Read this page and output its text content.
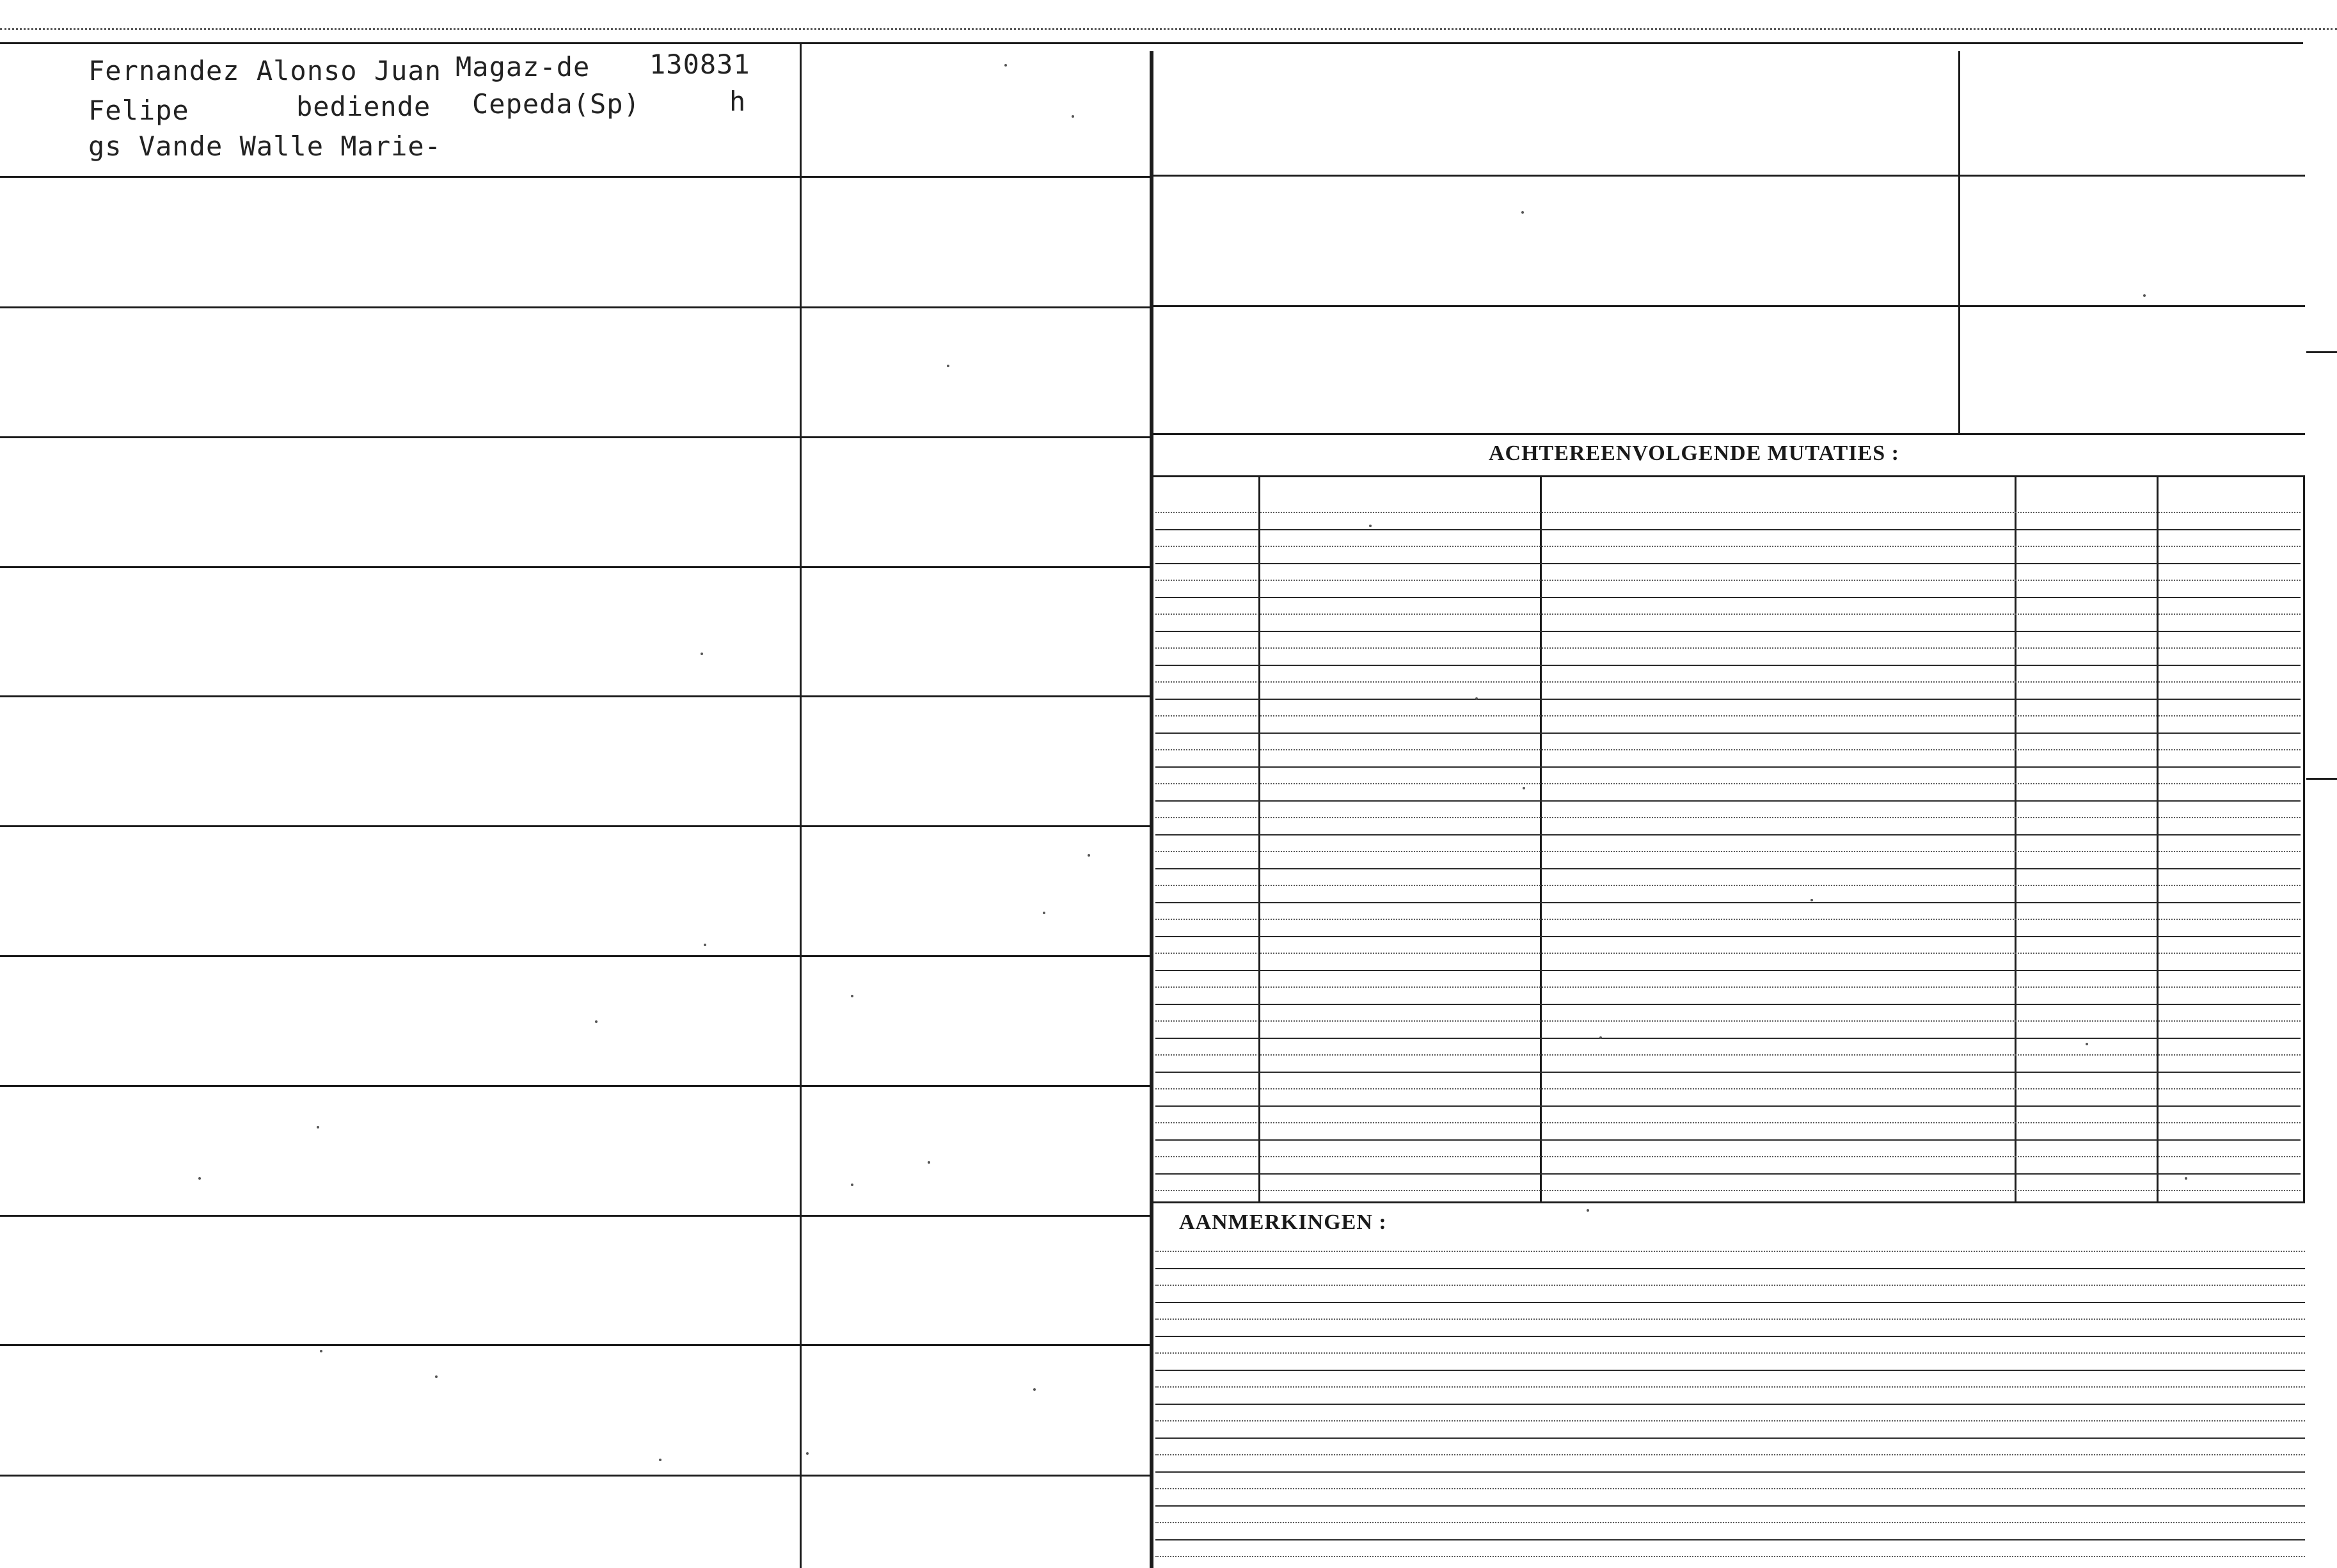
Fernandez Alonso Juan Magaz-de 130831
Felipe	bediende Cepeda(Sp)	h
gs Vande Walle Marie-
ACHTEREENVOLGENDE MUTATIES :
AANMERKINGEN :
